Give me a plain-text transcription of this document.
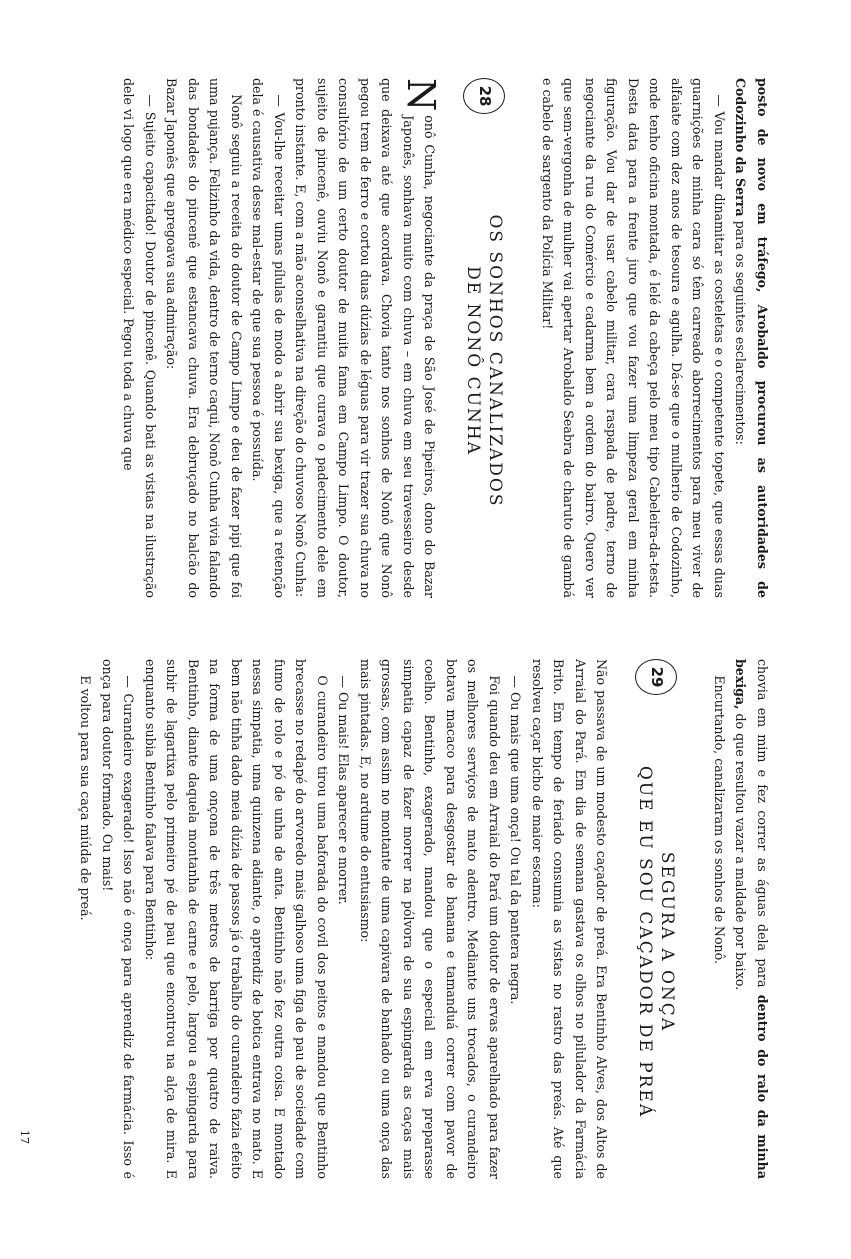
posto de novo em tráfego, Arobaldo procurou as autoridades de Codozinho da Serra para os seguintes esclarecimentos:

— Vou mandar dinamitar as costeletas e o competente topete, que essas duas guarnições de minha cara só têm carreado aborrecimentos para meu viver de alfaiate com dez anos de tesoura e agulha. Dá-se que o mulherio de Codozinho, onde tenho oficina montada, é lelé da cabeça pelo meu tipo Cabeleira-da-testa. Desta data para a frente juro que vou fazer uma limpeza geral em minha figuração. Vou dar de usar cabelo militar, cara raspada de padre, terno de negociante da rua do Comércio e cadarma bem a ordem do bairro. Quero ver que sem-vergonha de mulher vai apertar Arobaldo Seabra de charuto de gambá e cabelo de sargento da Polícia Militar!

28
OS SONHOS CANALIZADOS
DE NONÔ CUNHA

N
onô Cunha, negociante da praça de São José de Pipeiros, dono do Bazar Japonês, sonhava muito com chuva – em chuva em seu travesseiro desde que deixava até que acordava. Chovia tanto nos sonhos de Nonô que Nonô pegou trem de ferro e cortou duas dúzias de léguas para vir trazer sua chuva no consultório de um certo doutor de muita fama em Campo Limpo. O doutor, sujeito de pincenê, ouviu Nonô e garantiu que curava o padecimento dele em pronto instante. E, com a mão aconselhativa na direção do chuvoso Nonô Cunha:

— Vou-lhe receitar umas pílulas de modo a abrir sua bexiga, que a retenção dela é causativa desse mal-estar de que sua pessoa é possuída.

Nonô seguiu a receita do doutor de Campo Limpo e deu de fazer pipi que foi uma pujança. Felizinho da vida, dentro de terno caqui, Nonô Cunha vivia falando das bondades do pincenê que estancava chuva. Era debruçado no balcão do Bazar Japonês que apregoava sua admiração:

— Sujeito capacitado! Doutor de pincenê. Quando bati as vistas na ilustração dele vi logo que era médico especial. Pegou toda a chuva que

chovia em mim e fez correr as águas dela para dentro do ralo da minha bexiga, do que resultou vazar a maldade por baixo.

Encurtando, canalizaram os sonhos de Nonô.

29
SEGURA A ONÇA
QUE EU SOU CAÇADOR DE PREÁ

Não passava de um modesto caçador de preá. Era Bentinho Alves, dos Altos de Arraial do Pará. Em dia de semana gastava os olhos no pilulador da Farmácia Brito. Em tempo de feriado consumia as vistas no rastro das preás. Até que resolveu caçar bicho de maior escama:

— Ou mais que uma onça! Ou tal da pantera negra.

Foi quando deu em Arraial do Pará um doutor de ervas aparelhado para fazer os melhores serviços de mato adentro. Mediante uns trocados, o curandeiro botava macaco para desgostar de banana e tamanduá correr com pavor de coelho. Bentinho, exagerado, mandou que o especial em erva preparasse simpatia capaz de fazer morrer na pólvora de sua espingarda as caças mais grossas, com assim no montante de uma capivara de banhado ou uma onça das mais pintadas. E, no ardume do entusiasmo:

— Ou mais! Elas aparecer e morrer.

O curandeiro tirou uma baforada do covil dos peitos e mandou que Bentinho brecasse no redapé do arvoredo mais galhoso uma figa de pau de sociedade com fumo de rolo e pó de unha de anta. Bentinho não fez outra coisa. E montado nessa simpatia, uma quinzena adiante, o aprendiz de botica entrava no mato. E bem não tinha dado meia dúzia de passos já o trabalho do curandeiro fazia efeito na forma de uma onçona de três metros de barriga por quatro de raiva. Bentinho, diante daquela montanha de carne e pelo, largou a espingarda para subir de lagartixa pelo primeiro pé de pau que encontrou na alça de mira. E enquanto subia Bentinho falava para Bentinho:

— Curandeiro exagerado! Isso não é onça para aprendiz de farmácia. Isso é onça para doutor formado. Ou mais!

E voltou para sua caça miúda de preá.

17
